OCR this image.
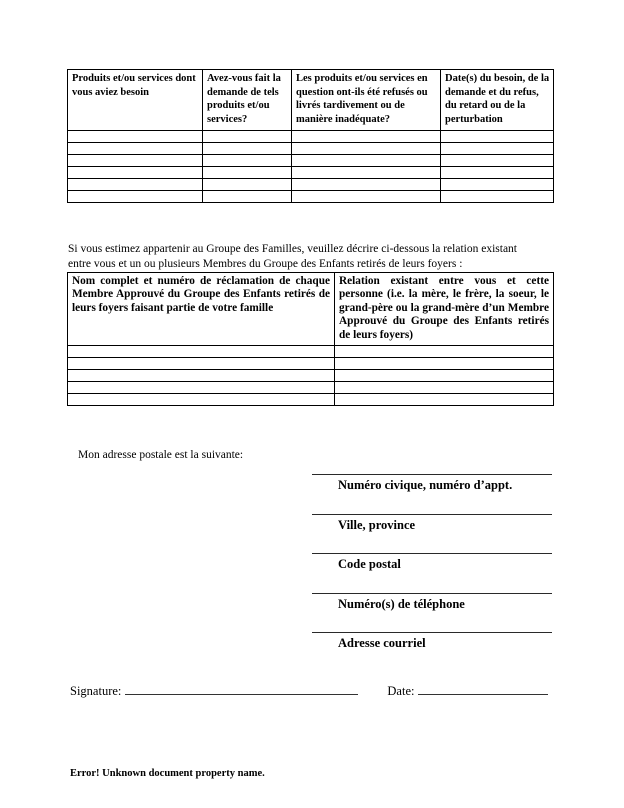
Produits et/ou services dont vous aviez besoin	Avez-vous fait la demande de tels produits et/ou services?	Les produits et/ou services en question ont-ils été refusés ou livrés tardivement ou de manière inadéquate?	Date(s) du besoin, de la demande et du refus, du retard ou de la perturbation

Si vous estimez appartenir au Groupe des Familles, veuillez décrire ci-dessous la relation existant
entre vous et un ou plusieurs Membres du Groupe des Enfants retirés de leurs foyers :

Nom complet et numéro de réclamation de chaque Membre Approuvé du Groupe des Enfants retirés de leurs foyers faisant partie de votre famille	Relation existant entre vous et cette personne (i.e. la mère, le frère, la soeur, le grand-père ou la grand-mère d’un Membre Approuvé du Groupe des Enfants retirés de leurs foyers)

Mon adresse postale est la suivante:
Numéro civique, numéro d’appt.
Ville, province
Code postal
Numéro(s) de téléphone
Adresse courriel
Signature:	Date:
Error! Unknown document property name.
